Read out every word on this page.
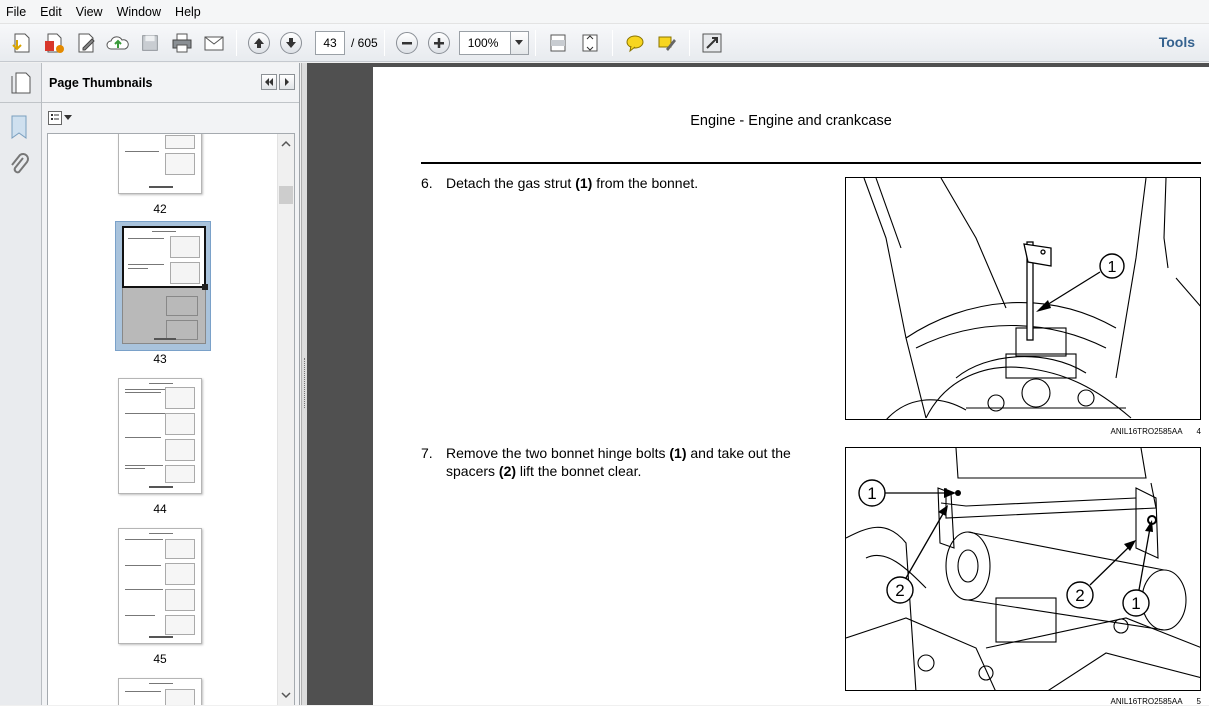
File	Edit	View	Window	Help
43
/ 605
100%	Tools
Page Thumbnails
42
43
44
45
Engine - Engine and crankcase
6. Detach the gas strut (1) from the bonnet.
1
ANIL16TRO2585AA 4
7. Remove the two bonnet hinge bolts (1) and take out the
spacers (2) lift the bonnet clear.
1
2	2	1
ANIL16TRO2585AA 5
